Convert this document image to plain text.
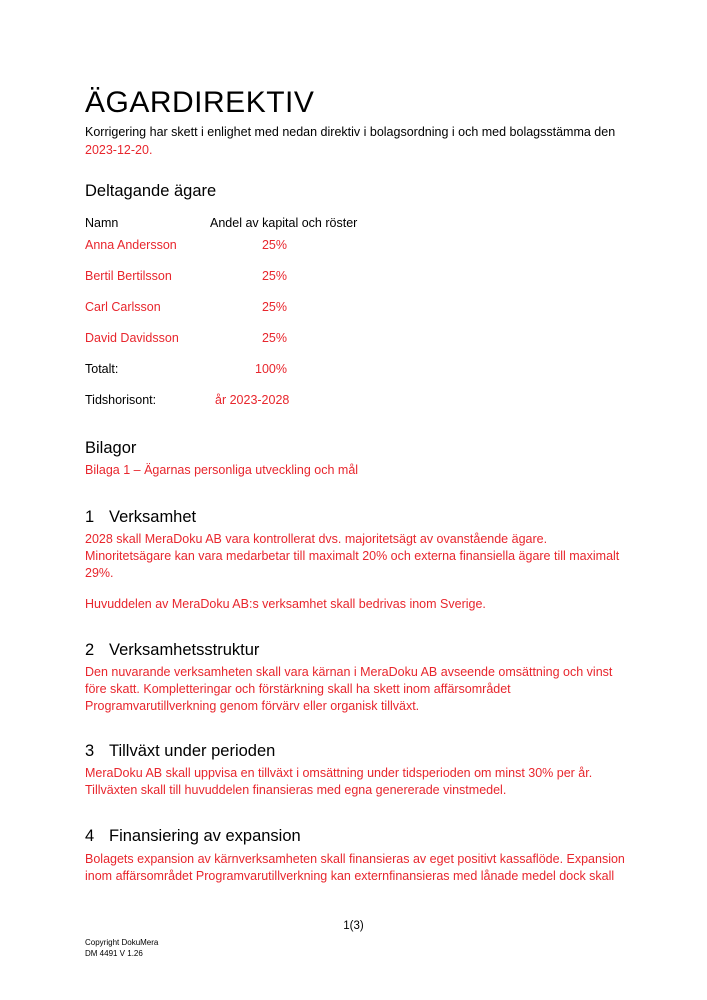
ÄGARDIREKTIV
Korrigering har skett i enlighet med nedan direktiv i bolagsordning i och med bolagsstämma den
2023-12-20.
Deltagande ägare
Namn	Andel av kapital och röster
Anna Andersson	25%
Bertil Bertilsson	25%
Carl Carlsson	25%
David Davidsson	25%
Totalt:	100%
Tidshorisont:	år 2023-2028
Bilagor

Bilaga 1 – Ägarnas personliga utveckling och mål

1 Verksamhet

2028 skall MeraDoku AB vara kontrollerat dvs. majoritetsägt av ovanstående ägare. Minoritetsägare kan vara medarbetar till maximalt 20% och externa finansiella ägare till maximalt 29%.

Huvuddelen av MeraDoku AB:s verksamhet skall bedrivas inom Sverige.

2 Verksamhetsstruktur

Den nuvarande verksamheten skall vara kärnan i MeraDoku AB avseende omsättning och vinst före skatt. Kompletteringar och förstärkning skall ha skett inom affärsområdet Programvarutillverkning genom förvärv eller organisk tillväxt.

3 Tillväxt under perioden

MeraDoku AB skall uppvisa en tillväxt i omsättning under tidsperioden om minst 30% per år. Tillväxten skall till huvuddelen finansieras med egna genererade vinstmedel.

4 Finansiering av expansion

Bolagets expansion av kärnverksamheten skall finansieras av eget positivt kassaflöde. Expansion inom affärsområdet Programvarutillverkning kan externfinansieras med lånade medel dock skall

1(3)
Copyright DokuMera
DM 4491 V 1.26
